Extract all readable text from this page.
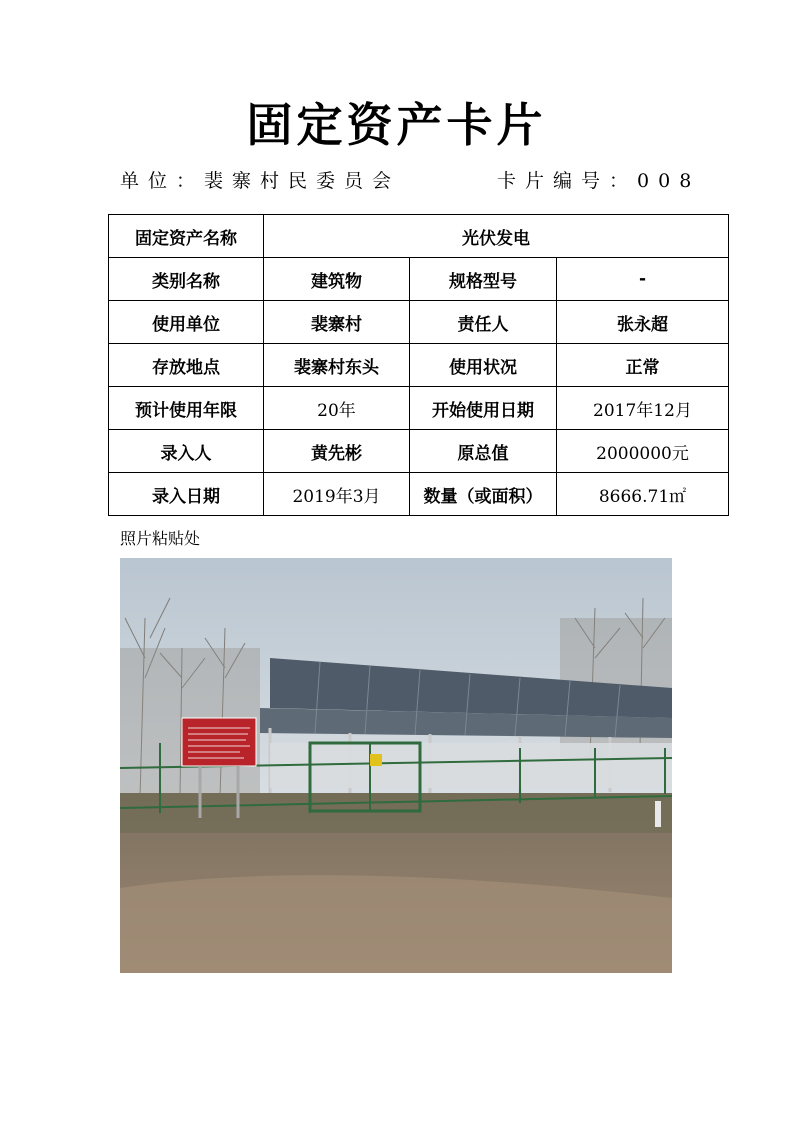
固定资产卡片
单位：裴寨村民委员会	卡片编号：008
固定资产名称	光伏发电		
类别名称	建筑物	规格型号	-
使用单位	裴寨村	责任人	张永超
存放地点	裴寨村东头	使用状况	正常
预计使用年限	20年	开始使用日期	2017年12月
录入人	黄先彬	原总值	2000000元
录入日期	2019年3月	数量（或面积）	8666.71㎡
照片粘贴处
